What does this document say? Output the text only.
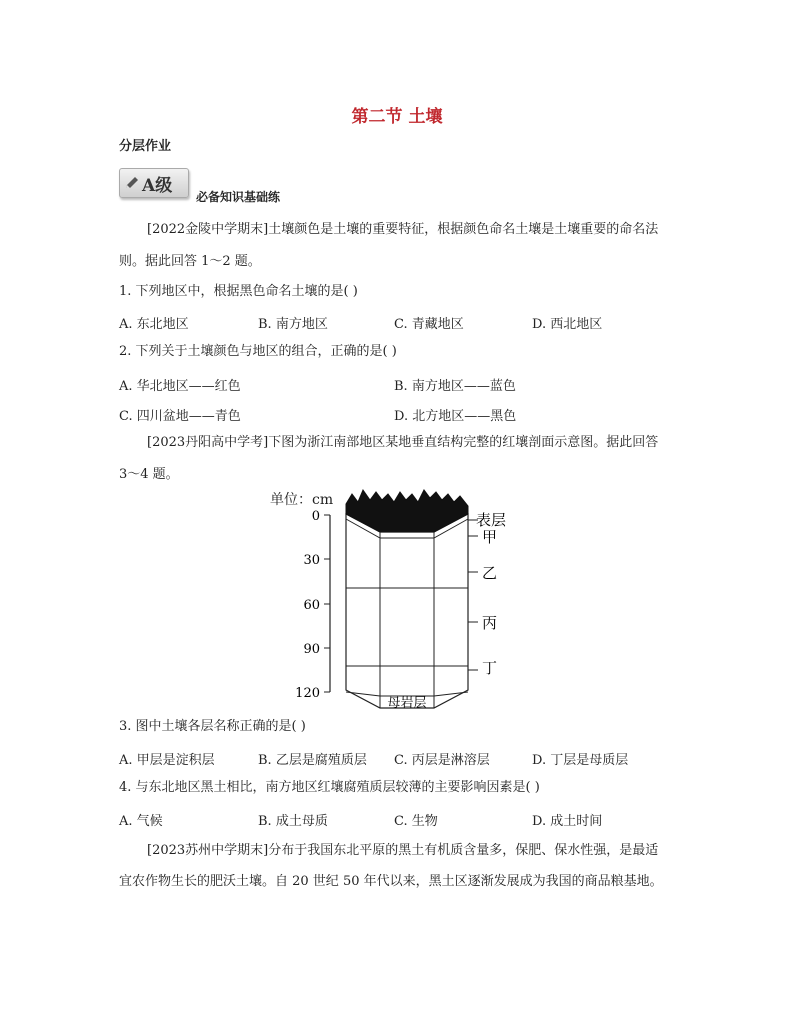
第二节 土壤
分层作业
A级
必备知识基础练
[2022金陵中学期末]土壤颜色是土壤的重要特征，根据颜色命名土壤是土壤重要的命名法
则。据此回答 1～2 题。
1. 下列地区中，根据黑色命名土壤的是( )
A. 东北地区	B. 南方地区	C. 青藏地区	D. 西北地区
2. 下列关于土壤颜色与地区的组合，正确的是( )
A. 华北地区——红色	B. 南方地区——蓝色
C. 四川盆地——青色	D. 北方地区——黑色
[2023丹阳高中学考]下图为浙江南部地区某地垂直结构完整的红壤剖面示意图。据此回答
3～4 题。
单位：cm
0
30
60
90
120
表层
甲
乙
丙
丁
母岩层
3. 图中土壤各层名称正确的是( )
A. 甲层是淀积层	B. 乙层是腐殖质层 C. 丙层是淋溶层	D. 丁层是母质层
4. 与东北地区黑土相比，南方地区红壤腐殖质层较薄的主要影响因素是( )
A. 气候	B. 成土母质	C. 生物	D. 成土时间
[2023苏州中学期末]分布于我国东北平原的黑土有机质含量多，保肥、保水性强，是最适
宜农作物生长的肥沃土壤。自 20 世纪 50 年代以来，黑土区逐渐发展成为我国的商品粮基地。
